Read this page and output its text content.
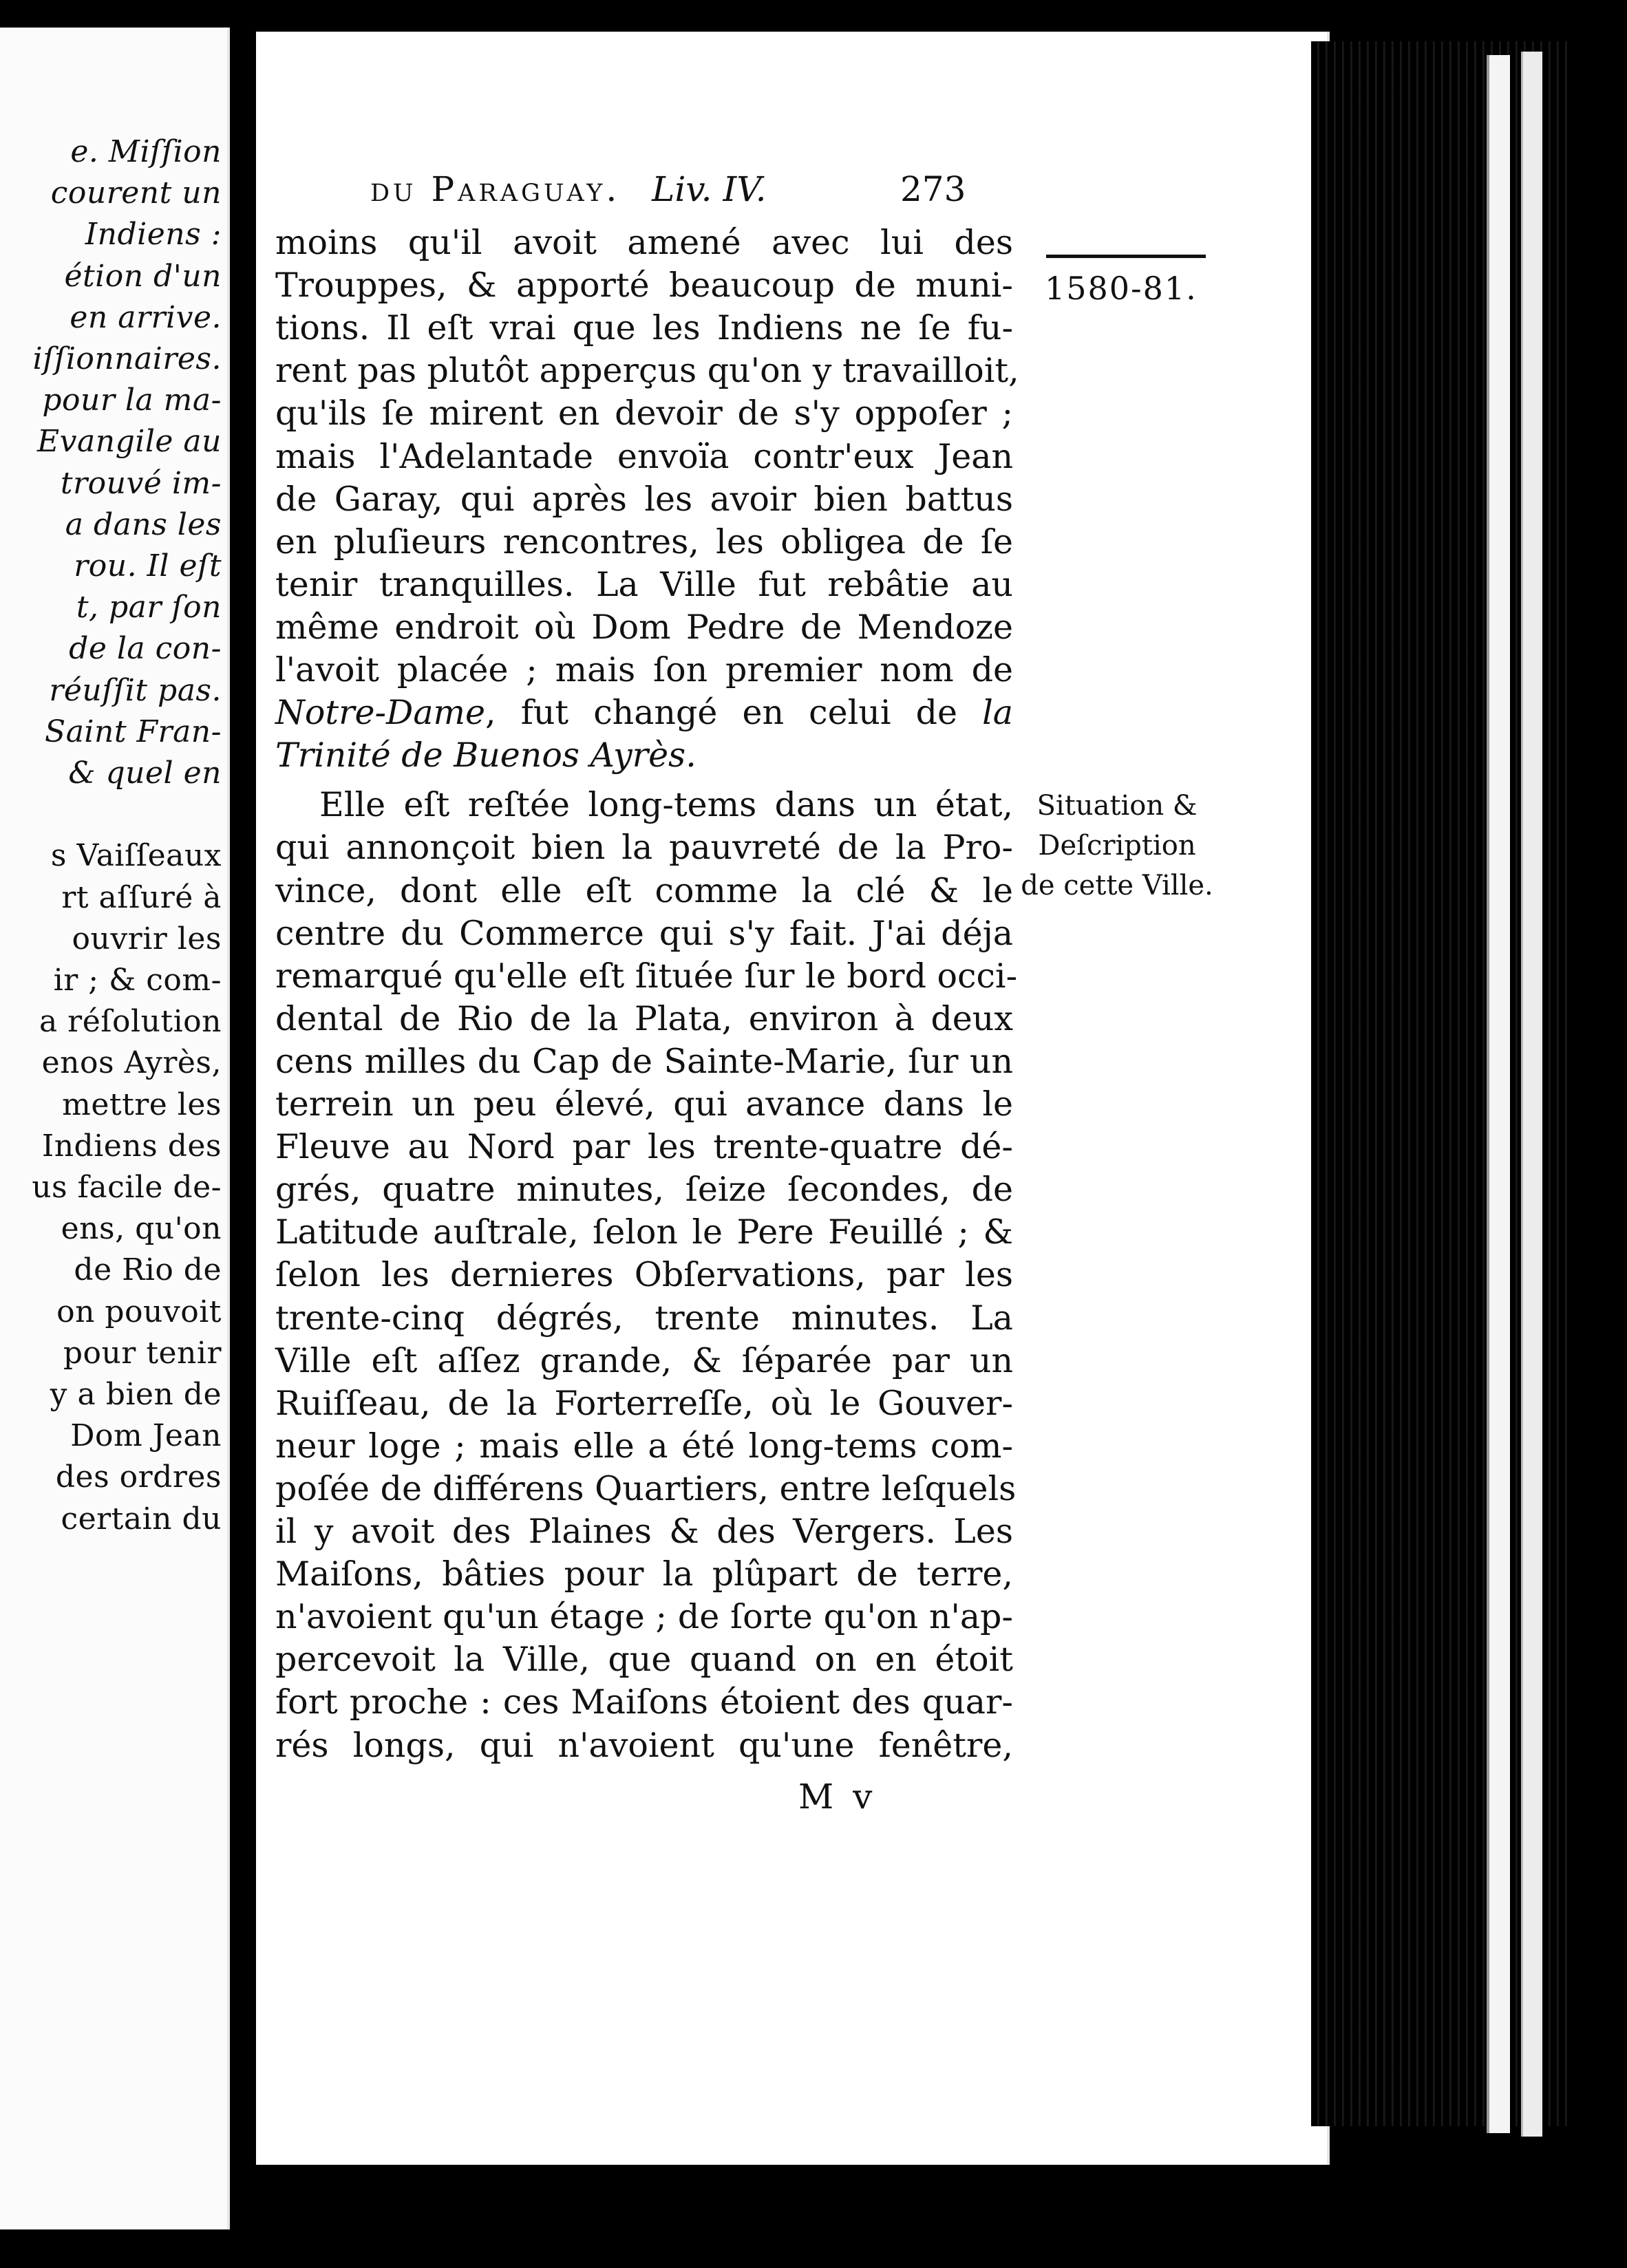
e. Miſſion
courent un
Indiens :
étion d'un
en arrive.
iſſionnaires.
pour la ma-
Evangile au
trouvé im-
a dans les
rou. Il eſt
t, par ſon
de la con-
réuſſit pas.
Saint Fran-
& quel en
s Vaiſſeaux
rt aſſuré à
ouvrir les
ir ; & com-
a réſolution
enos Ayrès,
mettre les
Indiens des
us facile de-
ens, qu'on
de Rio de
on pouvoit
pour tenir
y a bien de
Dom Jean
des ordres
certain du
du Paraguay. Liv. IV.	273
moins qu'il avoit amené avec lui des
Trouppes, & apporté beaucoup de muni-
tions. Il eſt vrai que les Indiens ne ſe fu-
rent pas plutôt apperçus qu'on y travailloit,
qu'ils ſe mirent en devoir de s'y oppoſer ;
mais l'Adelantade envoïa contr'eux Jean
de Garay, qui après les avoir bien battus
en pluſieurs rencontres, les obligea de ſe
tenir tranquilles. La Ville fut rebâtie au
même endroit où Dom Pedre de Mendoze
l'avoit placée ; mais ſon premier nom de
Notre-Dame, fut changé en celui de la
Trinité de Buenos Ayrès.
Elle eſt reſtée long-tems dans un état,
qui annonçoit bien la pauvreté de la Pro-
vince, dont elle eſt comme la clé & le
centre du Commerce qui s'y fait. J'ai déja
remarqué qu'elle eſt ſituée ſur le bord occi-
dental de Rio de la Plata, environ à deux
cens milles du Cap de Sainte-Marie, ſur un
terrein un peu élevé, qui avance dans le
Fleuve au Nord par les trente-quatre dé-
grés, quatre minutes, ſeize ſecondes, de
Latitude auſtrale, ſelon le Pere Feuillé ; &
ſelon les dernieres Obſervations, par les
trente-cinq dégrés, trente minutes. La
Ville eſt aſſez grande, & ſéparée par un
Ruiſſeau, de la Forterreſſe, où le Gouver-
neur loge ; mais elle a été long-tems com-
poſée de différens Quartiers, entre leſquels
il y avoit des Plaines & des Vergers. Les
Maiſons, bâties pour la plûpart de terre,
n'avoient qu'un étage ; de ſorte qu'on n'ap-
percevoit la Ville, que quand on en étoit
fort proche : ces Maiſons étoient des quar-
rés longs, qui n'avoient qu'une fenêtre,
1580-81.
Situation &
Deſcription
de cette Ville.
M v
